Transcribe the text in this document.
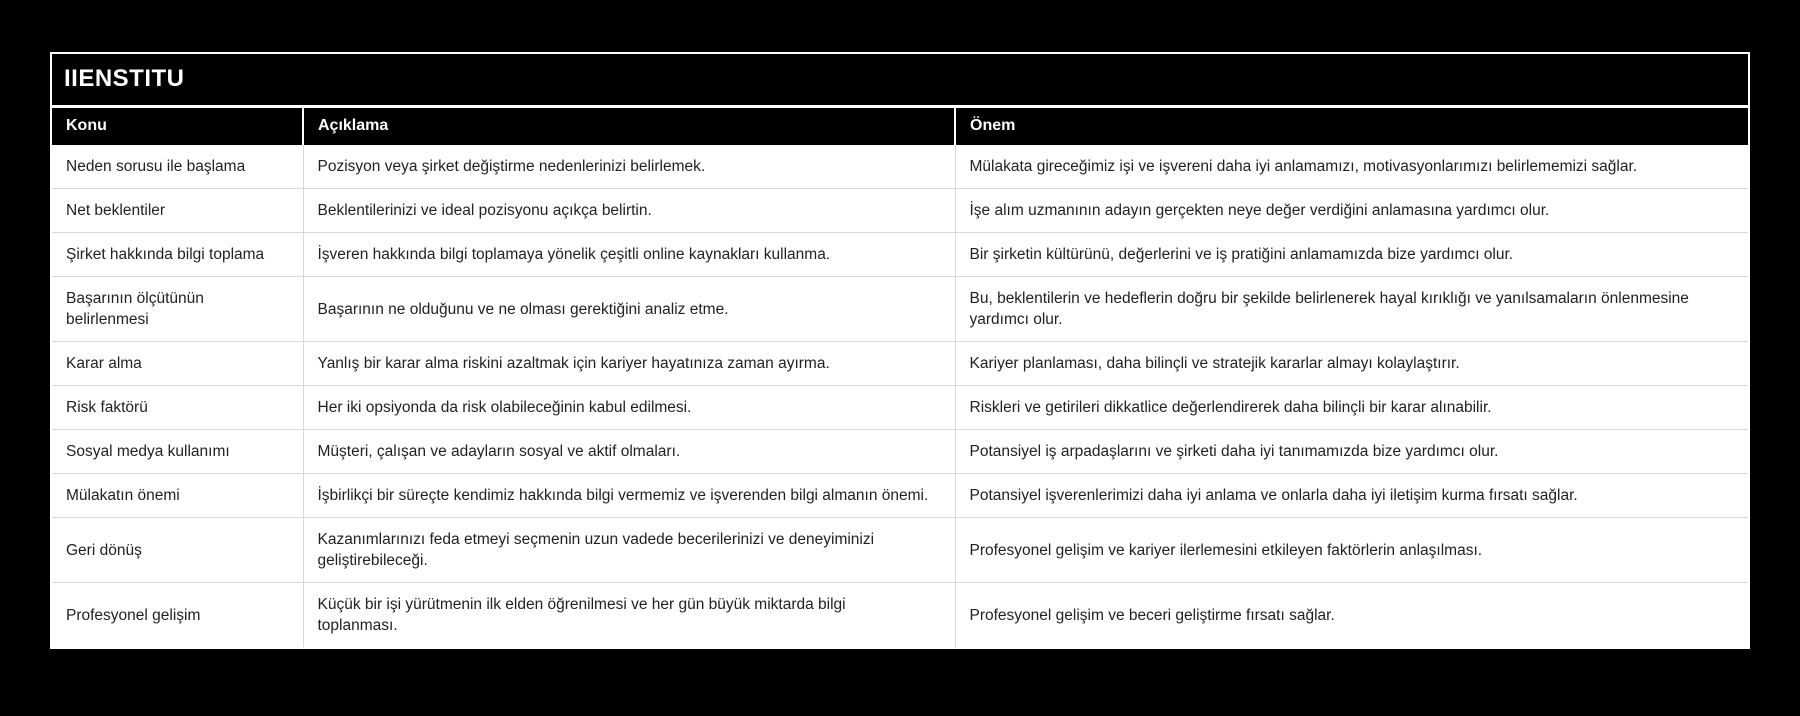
IIENSTITU
Konu	Açıklama	Önem
Neden sorusu ile başlama	Pozisyon veya şirket değiştirme nedenlerinizi belirlemek.	Mülakata gireceğimiz işi ve işvereni daha iyi anlamamızı, motivasyonlarımızı belirlememizi sağlar.
Net beklentiler	Beklentilerinizi ve ideal pozisyonu açıkça belirtin.	İşe alım uzmanının adayın gerçekten neye değer verdiğini anlamasına yardımcı olur.
Şirket hakkında bilgi toplama	İşveren hakkında bilgi toplamaya yönelik çeşitli online kaynakları kullanma.	Bir şirketin kültürünü, değerlerini ve iş pratiğini anlamamızda bize yardımcı olur.
Başarının ölçütünün belirlenmesi	Başarının ne olduğunu ve ne olması gerektiğini analiz etme.	Bu, beklentilerin ve hedeflerin doğru bir şekilde belirlenerek hayal kırıklığı ve yanılsamaların önlenmesine yardımcı olur.
Karar alma	Yanlış bir karar alma riskini azaltmak için kariyer hayatınıza zaman ayırma.	Kariyer planlaması, daha bilinçli ve stratejik kararlar almayı kolaylaştırır.
Risk faktörü	Her iki opsiyonda da risk olabileceğinin kabul edilmesi.	Riskleri ve getirileri dikkatlice değerlendirerek daha bilinçli bir karar alınabilir.
Sosyal medya kullanımı	Müşteri, çalışan ve adayların sosyal ve aktif olmaları.	Potansiyel iş arpadaşlarını ve şirketi daha iyi tanımamızda bize yardımcı olur.
Mülakatın önemi	İşbirlikçi bir süreçte kendimiz hakkında bilgi vermemiz ve işverenden bilgi almanın önemi.	Potansiyel işverenlerimizi daha iyi anlama ve onlarla daha iyi iletişim kurma fırsatı sağlar.
Geri dönüş	Kazanımlarınızı feda etmeyi seçmenin uzun vadede becerilerinizi ve deneyiminizi geliştirebileceği.	Profesyonel gelişim ve kariyer ilerlemesini etkileyen faktörlerin anlaşılması.
Profesyonel gelişim	Küçük bir işi yürütmenin ilk elden öğrenilmesi ve her gün büyük miktarda bilgi toplanması.	Profesyonel gelişim ve beceri geliştirme fırsatı sağlar.
